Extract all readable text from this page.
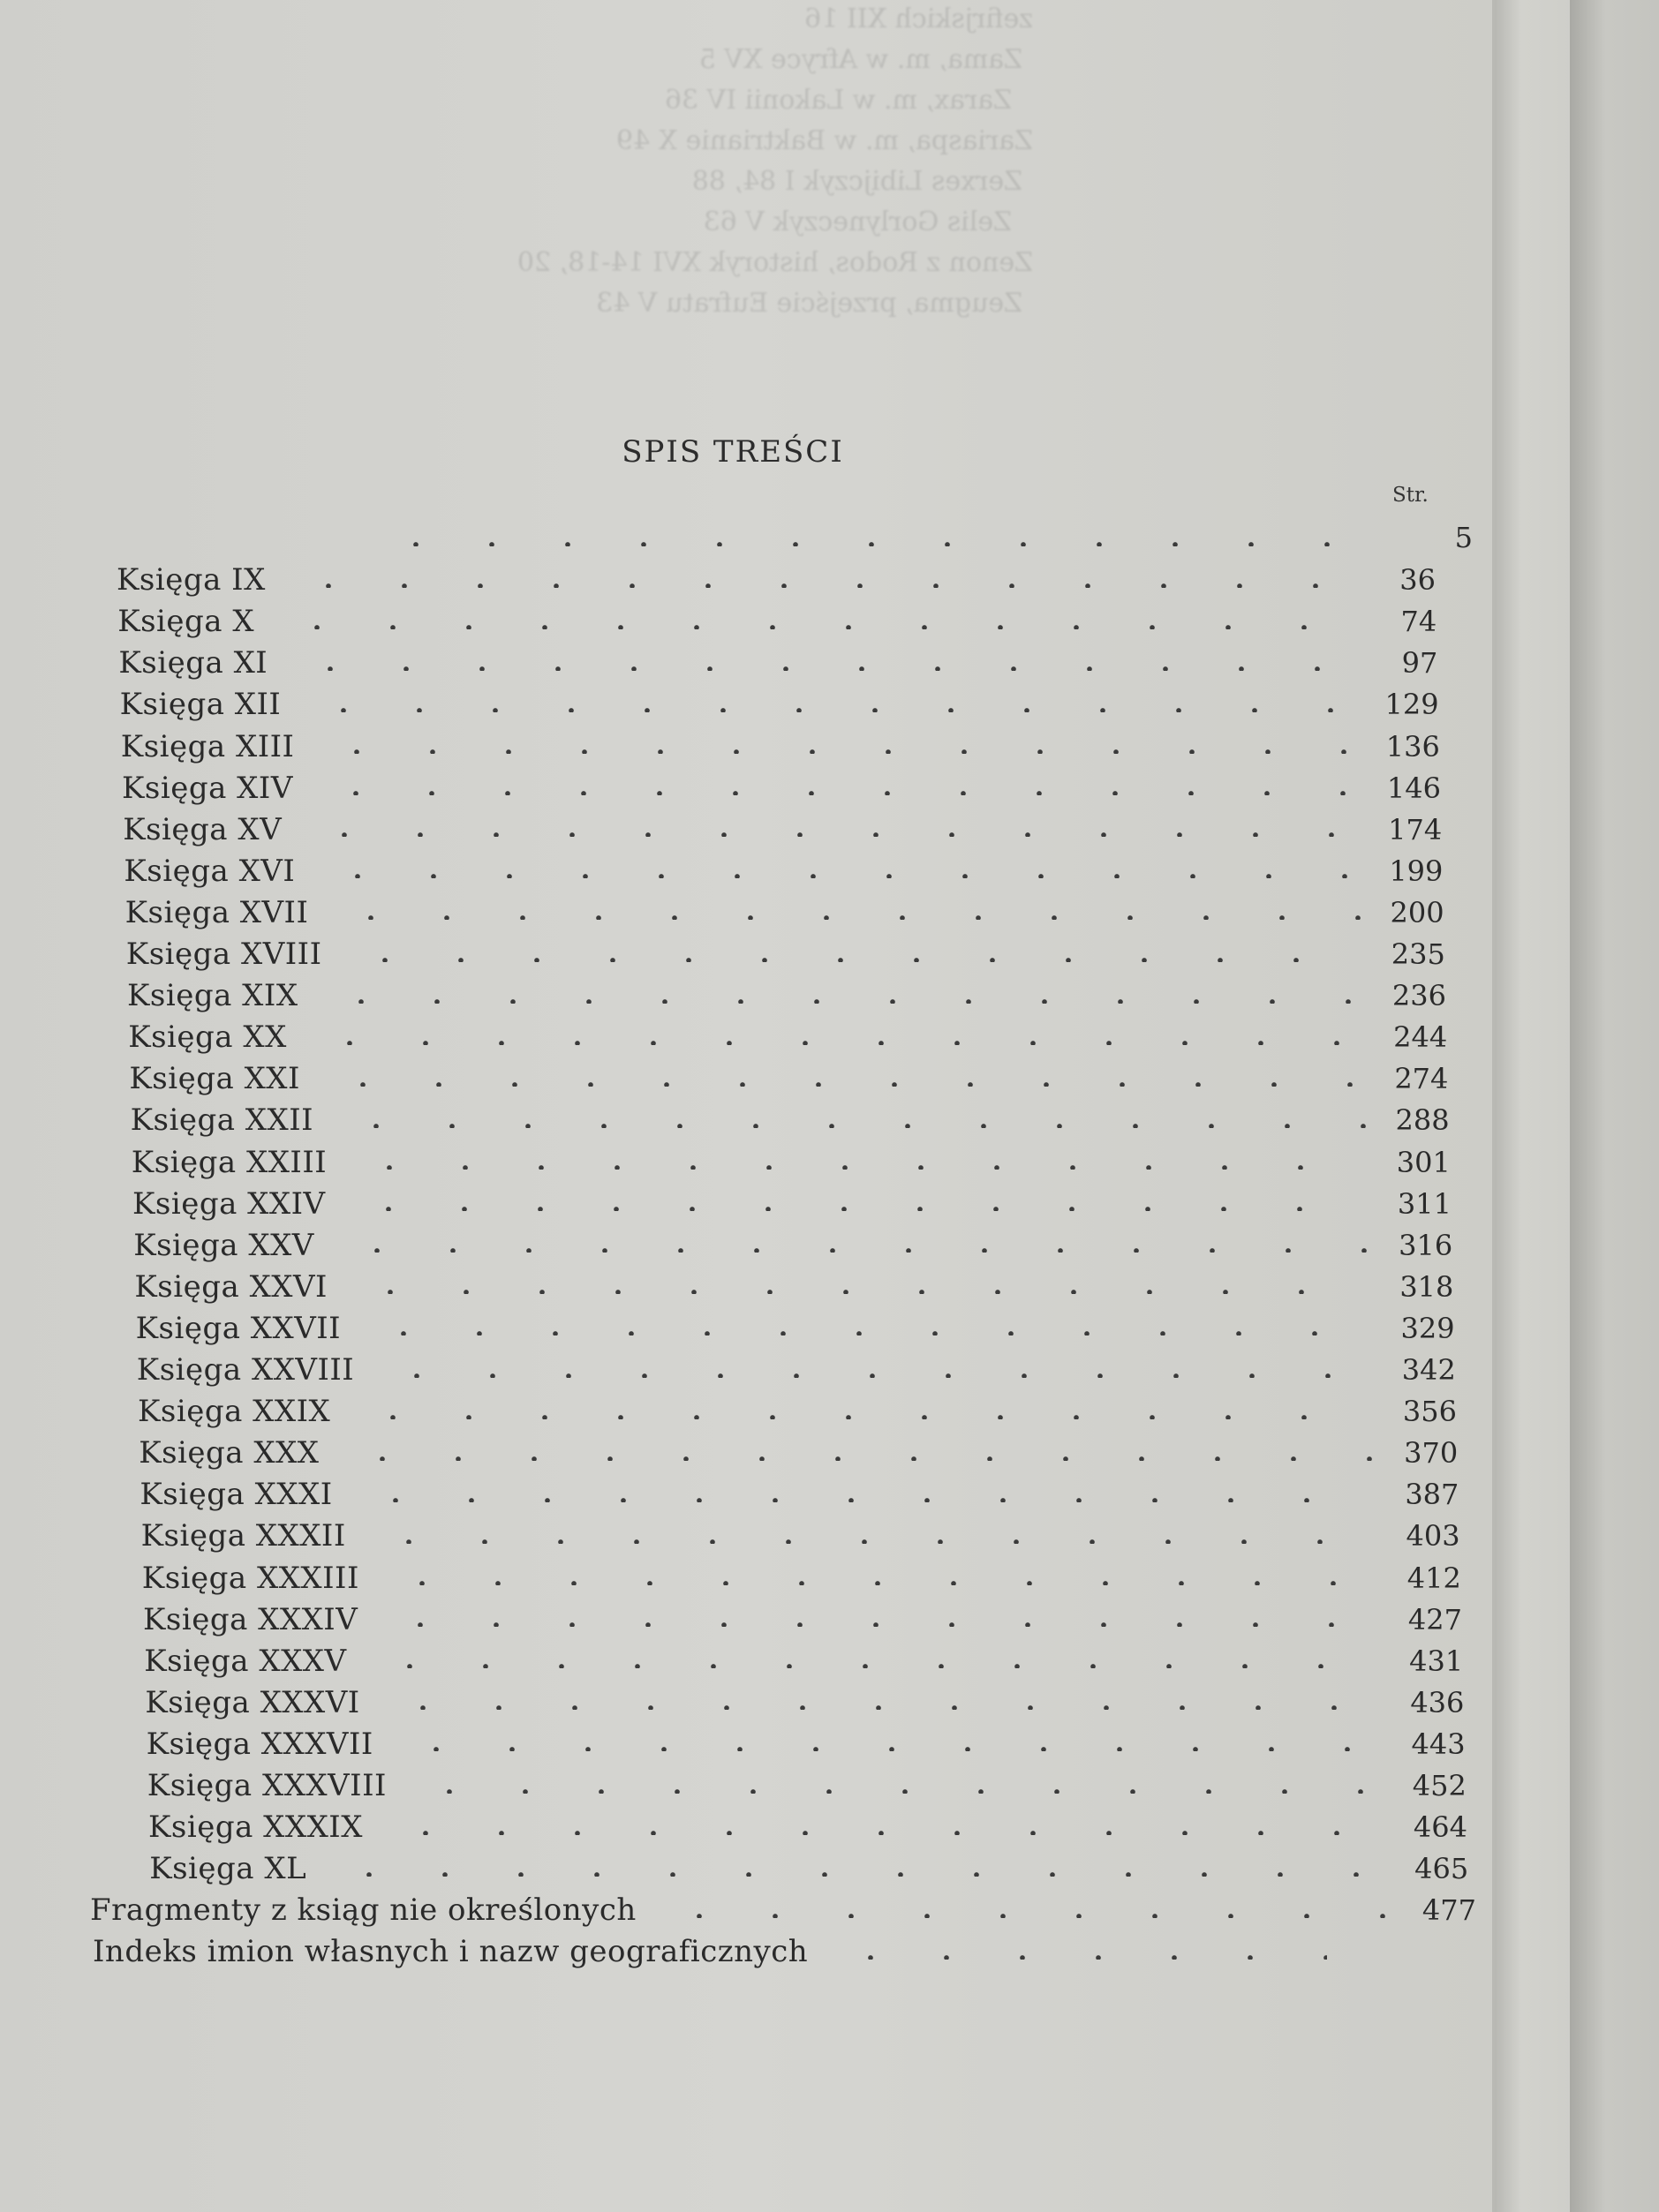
zefirjskich XII 16
Zama, m. w Afryce XV 5
Zarax, m. w Lakonii IV 36
Zariaspa, m. w Baktrianie X 49
Zerxes Libijczyk I 84, 88
Zelis Gorlyneczyk V 63
Zenon z Rodos, historyk XVI 14-18, 20
Zeugma, przejście Eufratu V 43
SPIS TREŚCI
Str.
5
Księga IX	36
Księga X	74
Księga XI	97
Księga XII	129
Księga XIII	136
Księga XIV	146
Księga XV	174
Księga XVI	199
Księga XVII	200
Księga XVIII	235
Księga XIX	236
Księga XX	244
Księga XXI	274
Księga XXII	288
Księga XXIII	301
Księga XXIV	311
Księga XXV	316
Księga XXVI	318
Księga XXVII	329
Księga XXVIII	342
Księga XXIX	356
Księga XXX	370
Księga XXXI	387
Księga XXXII	403
Księga XXXIII	412
Księga XXXIV	427
Księga XXXV	431
Księga XXXVI	436
Księga XXXVII	443
Księga XXXVIII	452
Księga XXXIX	464
Księga XL	465
Fragmenty z ksiąg nie określonych	477
Indeks imion własnych i nazw geograficznych
